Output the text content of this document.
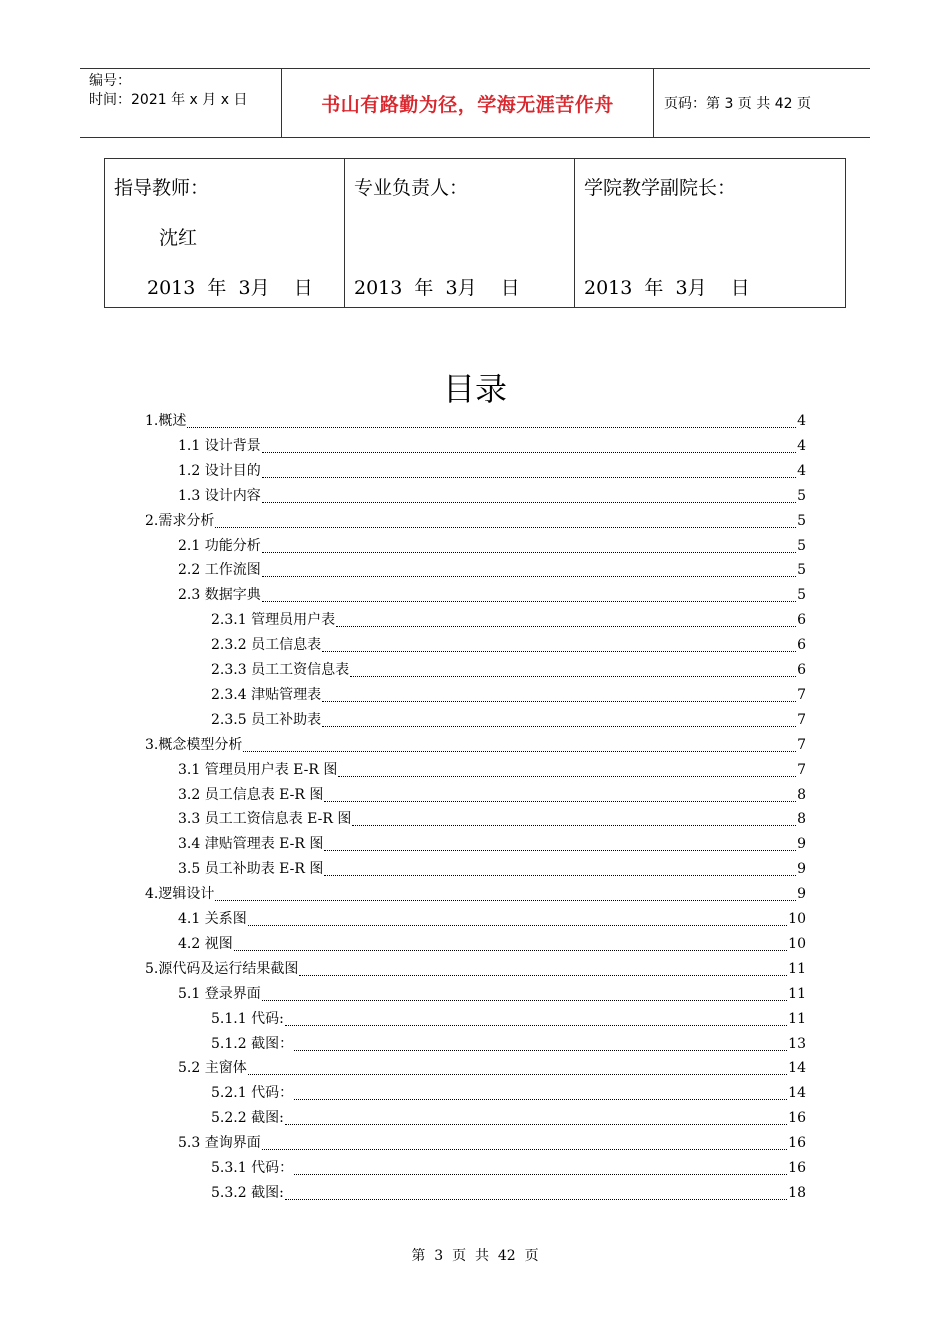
编号：
时间：2021 年 x 月 x 日	书山有路勤为径，学海无涯苦作舟	页码：第 3 页 共 42 页
指导教师：
沈红
2013  年  3月    日
专业负责人：
2013  年  3月    日
学院教学副院长：
2013  年  3月    日
目录
1.概述	4
1.1 设计背景	4
1.2 设计目的	4
1.3 设计内容	5
2.需求分析	5
2.1 功能分析	5
2.2 工作流图	5
2.3 数据字典	5
2.3.1 管理员用户表	6
2.3.2 员工信息表	6
2.3.3 员工工资信息表	6
2.3.4 津贴管理表	7
2.3.5 员工补助表	7
3.概念模型分析	7
3.1 管理员用户表 E-R 图	7
3.2 员工信息表 E-R 图	8
3.3 员工工资信息表 E-R 图	8
3.4 津贴管理表 E-R 图	9
3.5 员工补助表 E-R 图	9
4.逻辑设计	9
4.1 关系图	10
4.2 视图	10
5.源代码及运行结果截图	11
5.1 登录界面	11
5.1.1 代码:	11
5.1.2 截图：	13
5.2 主窗体	14
5.2.1 代码：	14
5.2.2 截图:	16
5.3 查询界面	16
5.3.1 代码：	16
5.3.2 截图:	18
第  3  页  共  42  页
